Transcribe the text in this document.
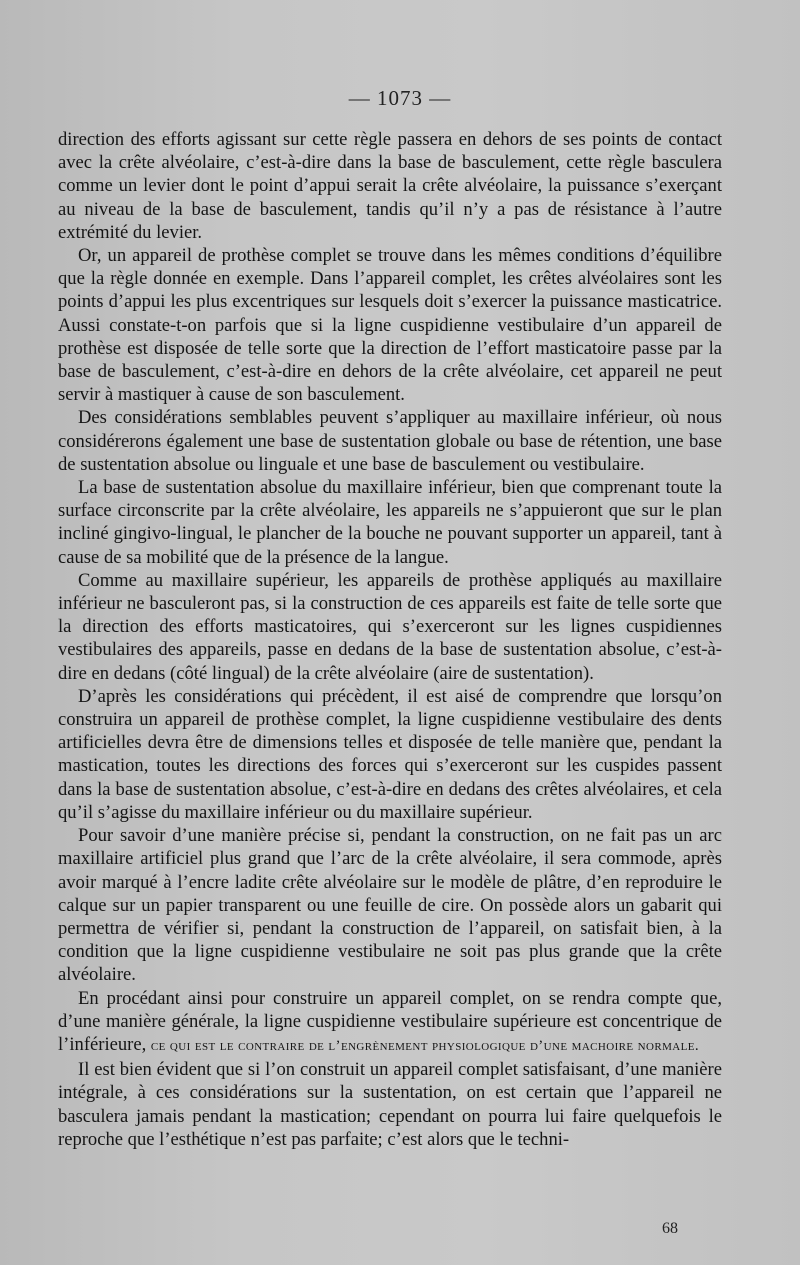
— 1073 —

direction des efforts agissant sur cette règle passera en dehors de ses points de contact avec la crête alvéolaire, c’est-à-dire dans la base de basculement, cette règle basculera comme un levier dont le point d’appui serait la crête alvéolaire, la puissance s’exerçant au niveau de la base de basculement, tandis qu’il n’y a pas de résistance à l’autre extrémité du levier.

Or, un appareil de prothèse complet se trouve dans les mêmes conditions d’équilibre que la règle donnée en exemple. Dans l’appareil complet, les crêtes alvéolaires sont les points d’appui les plus excentriques sur lesquels doit s’exercer la puissance masticatrice. Aussi constate-t-on parfois que si la ligne cuspidienne vestibulaire d’un appareil de prothèse est disposée de telle sorte que la direction de l’effort masticatoire passe par la base de basculement, c’est-à-dire en dehors de la crête alvéolaire, cet appareil ne peut servir à mastiquer à cause de son basculement.

Des considérations semblables peuvent s’appliquer au maxillaire inférieur, où nous considérerons également une base de sustentation globale ou base de rétention, une base de sustentation absolue ou linguale et une base de basculement ou vestibulaire.

La base de sustentation absolue du maxillaire inférieur, bien que comprenant toute la surface circonscrite par la crête alvéolaire, les appareils ne s’appuieront que sur le plan incliné gingivo-lingual, le plancher de la bouche ne pouvant supporter un appareil, tant à cause de sa mobilité que de la présence de la langue.

Comme au maxillaire supérieur, les appareils de prothèse appliqués au maxillaire inférieur ne basculeront pas, si la construction de ces appareils est faite de telle sorte que la direction des efforts masticatoires, qui s’exerceront sur les lignes cuspidiennes vestibulaires des appareils, passe en dedans de la base de sustentation absolue, c’est-à-dire en dedans (côté lingual) de la crête alvéolaire (aire de sustentation).

D’après les considérations qui précèdent, il est aisé de comprendre que lorsqu’on construira un appareil de prothèse complet, la ligne cuspidienne vestibulaire des dents artificielles devra être de dimensions telles et disposée de telle manière que, pendant la mastication, toutes les directions des forces qui s’exerceront sur les cuspides passent dans la base de sustentation absolue, c’est-à-dire en dedans des crêtes alvéolaires, et cela qu’il s’agisse du maxillaire inférieur ou du maxillaire supérieur.

Pour savoir d’une manière précise si, pendant la construction, on ne fait pas un arc maxillaire artificiel plus grand que l’arc de la crête alvéolaire, il sera commode, après avoir marqué à l’encre ladite crête alvéolaire sur le modèle de plâtre, d’en reproduire le calque sur un papier transparent ou une feuille de cire. On possède alors un gabarit qui permettra de vérifier si, pendant la construction de l’appareil, on satisfait bien, à la condition que la ligne cuspidienne vestibulaire ne soit pas plus grande que la crête alvéolaire.

En procédant ainsi pour construire un appareil complet, on se rendra compte que, d’une manière générale, la ligne cuspidienne vestibulaire supérieure est concentrique de l’inférieure, ce qui est le contraire de l’engrènement physiologique d’une machoire normale.

Il est bien évident que si l’on construit un appareil complet satisfaisant, d’une manière intégrale, à ces considérations sur la sustentation, on est certain que l’appareil ne basculera jamais pendant la mastication; cependant on pourra lui faire quelquefois le reproche que l’esthétique n’est pas parfaite; c’est alors que le techni-

68
